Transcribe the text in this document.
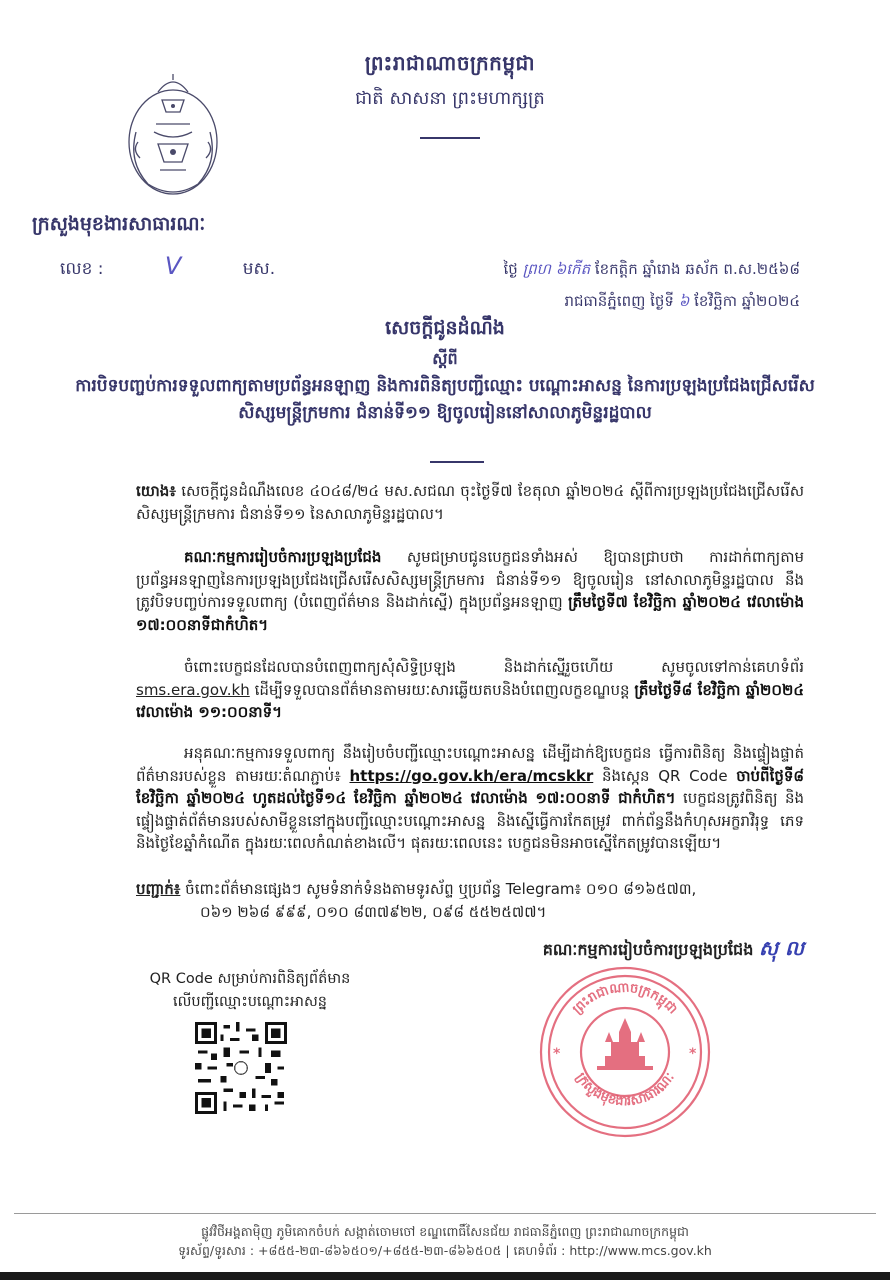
ព្រះរាជាណាចក្រកម្ពុជា
ជាតិ សាសនា ព្រះមហាក្សត្រ
ក្រសួងមុខងារសាធារណៈ
លេខ :	V	មស.	ថ្ងៃ ព្រហ ៦កើត ខែកត្តិក ឆ្នាំរោង ឆស័ក ព.ស.២៥៦៨
រាជធានីភ្នំពេញ ថ្ងៃទី ៦ ខែវិច្ឆិកា ឆ្នាំ២០២៤
សេចក្តីជូនដំណឹង
ស្តីពី
ការបិទបញ្ចប់ការទទួលពាក្យតាមប្រព័ន្ធអនឡាញ និងការពិនិត្យបញ្ជីឈ្មោះ បណ្ដោះអាសន្ន នៃការប្រឡងប្រជែងជ្រើសរើសសិស្សមន្ត្រីក្រមការ ជំនាន់ទី១១ ឱ្យចូលរៀននៅសាលាភូមិន្ទរដ្ឋបាល
យោង៖ សេចក្តីជូនដំណឹងលេខ ៤០៤៨/២៤ មស.សជណ ចុះថ្ងៃទី៧ ខែតុលា ឆ្នាំ២០២៤ ស្តីពីការប្រឡងប្រជែងជ្រើសរើសសិស្សមន្ត្រីក្រមការ ជំនាន់ទី១១ នៃសាលាភូមិន្ទរដ្ឋបាល។
គណៈកម្មការរៀបចំការប្រឡងប្រជែង សូមជម្រាបជូនបេក្ខជនទាំងអស់ ឱ្យបានជ្រាបថា ការដាក់ពាក្យតាមប្រព័ន្ធអនឡាញនៃការប្រឡងប្រជែងជ្រើសរើសសិស្សមន្ត្រីក្រមការ ជំនាន់ទី១១ ឱ្យចូលរៀន នៅសាលាភូមិន្ទរដ្ឋបាល នឹងត្រូវបិទបញ្ចប់ការទទួលពាក្យ (បំពេញព័ត៌មាន និងដាក់ស្នើ) ក្នុងប្រព័ន្ធអនឡាញ ត្រឹមថ្ងៃទី៧ ខែវិច្ឆិកា ឆ្នាំ២០២៤ វេលាម៉ោង ១៧:០០នាទីជាកំហិត។
ចំពោះបេក្ខជនដែលបានបំពេញពាក្យសុំសិទ្ធិប្រឡង និងដាក់ស្នើរួចហើយ សូមចូលទៅកាន់គេហទំព័រ sms.era.gov.kh ដើម្បីទទួលបានព័ត៌មានតាមរយៈសារឆ្លើយតបនិងបំពេញលក្ខខណ្ឌបន្ត ត្រឹមថ្ងៃទី៨ ខែវិច្ឆិកា ឆ្នាំ២០២៤ វេលាម៉ោង ១១:០០នាទី។
អនុគណៈកម្មការទទួលពាក្យ នឹងរៀបចំបញ្ជីឈ្មោះបណ្ដោះអាសន្ន ដើម្បីដាក់ឱ្យបេក្ខជន ធ្វើការពិនិត្យ និងផ្ទៀងផ្ទាត់ព័ត៌មានរបស់ខ្លួន តាមរយៈតំណភ្ជាប់៖ https://go.gov.kh/era/mcskkr និងស្កេន QR Code ចាប់ពីថ្ងៃទី៨ ខែវិច្ឆិកា ឆ្នាំ២០២៤ ហូតដល់ថ្ងៃទី១៤ ខែវិច្ឆិកា ឆ្នាំ២០២៤ វេលាម៉ោង ១៧:០០នាទី ជាកំហិត។ បេក្ខជនត្រូវពិនិត្យ និងផ្ទៀងផ្ទាត់ព័ត៌មានរបស់សាមីខ្លួននៅក្នុងបញ្ជីឈ្មោះបណ្ដោះអាសន្ន និងស្នើធ្វើការកែតម្រូវ ពាក់ព័ន្ធនឹងកំហុសអក្ខរាវិរុទ្ធ ភេទ និងថ្ងៃខែឆ្នាំកំណើត ក្នុងរយៈពេលកំណត់ខាងលើ។ ផុតរយៈពេលនេះ បេក្ខជនមិនអាចស្នើកែតម្រូវបានឡើយ។
បញ្ជាក់៖ ចំពោះព័ត៌មានផ្សេងៗ សូមទំនាក់ទំនងតាមទូរស័ព្ទ ឬប្រព័ន្ធ Telegram៖ ០១០ ៨១៦៥៧៣,
០៦១ ២៦៨ ៩៩៩, ០១០ ៨៣៧៩២២, ០៩៨ ៥៥២៥៧៧។
គណៈកម្មការរៀបចំការប្រឡងប្រជែង សុ ល
QR Code សម្រាប់ការពិនិត្យព័ត៌មាន
លើបញ្ជីឈ្មោះបណ្ដោះអាសន្ន	ព្រះរាជាណាចក្រកម្ពុជា
ក្រសួងមុខងារសាធារណៈ
*	*
ផ្លូវវិថីអង្គតាម៉ិញ ភូមិគោកចំបក់ សង្កាត់ចោមចៅ ខណ្ឌពោធិ៍សែនជ័យ រាជធានីភ្នំពេញ ព្រះរាជាណាចក្រកម្ពុជា
ទូរស័ព្ទ/ទូរសារ : +៨៥៥-២៣-៨៦៦៥០១/+៨៥៥-២៣-៨៦៦៥០៥ | គេហទំព័រ : http://www.mcs.gov.kh
